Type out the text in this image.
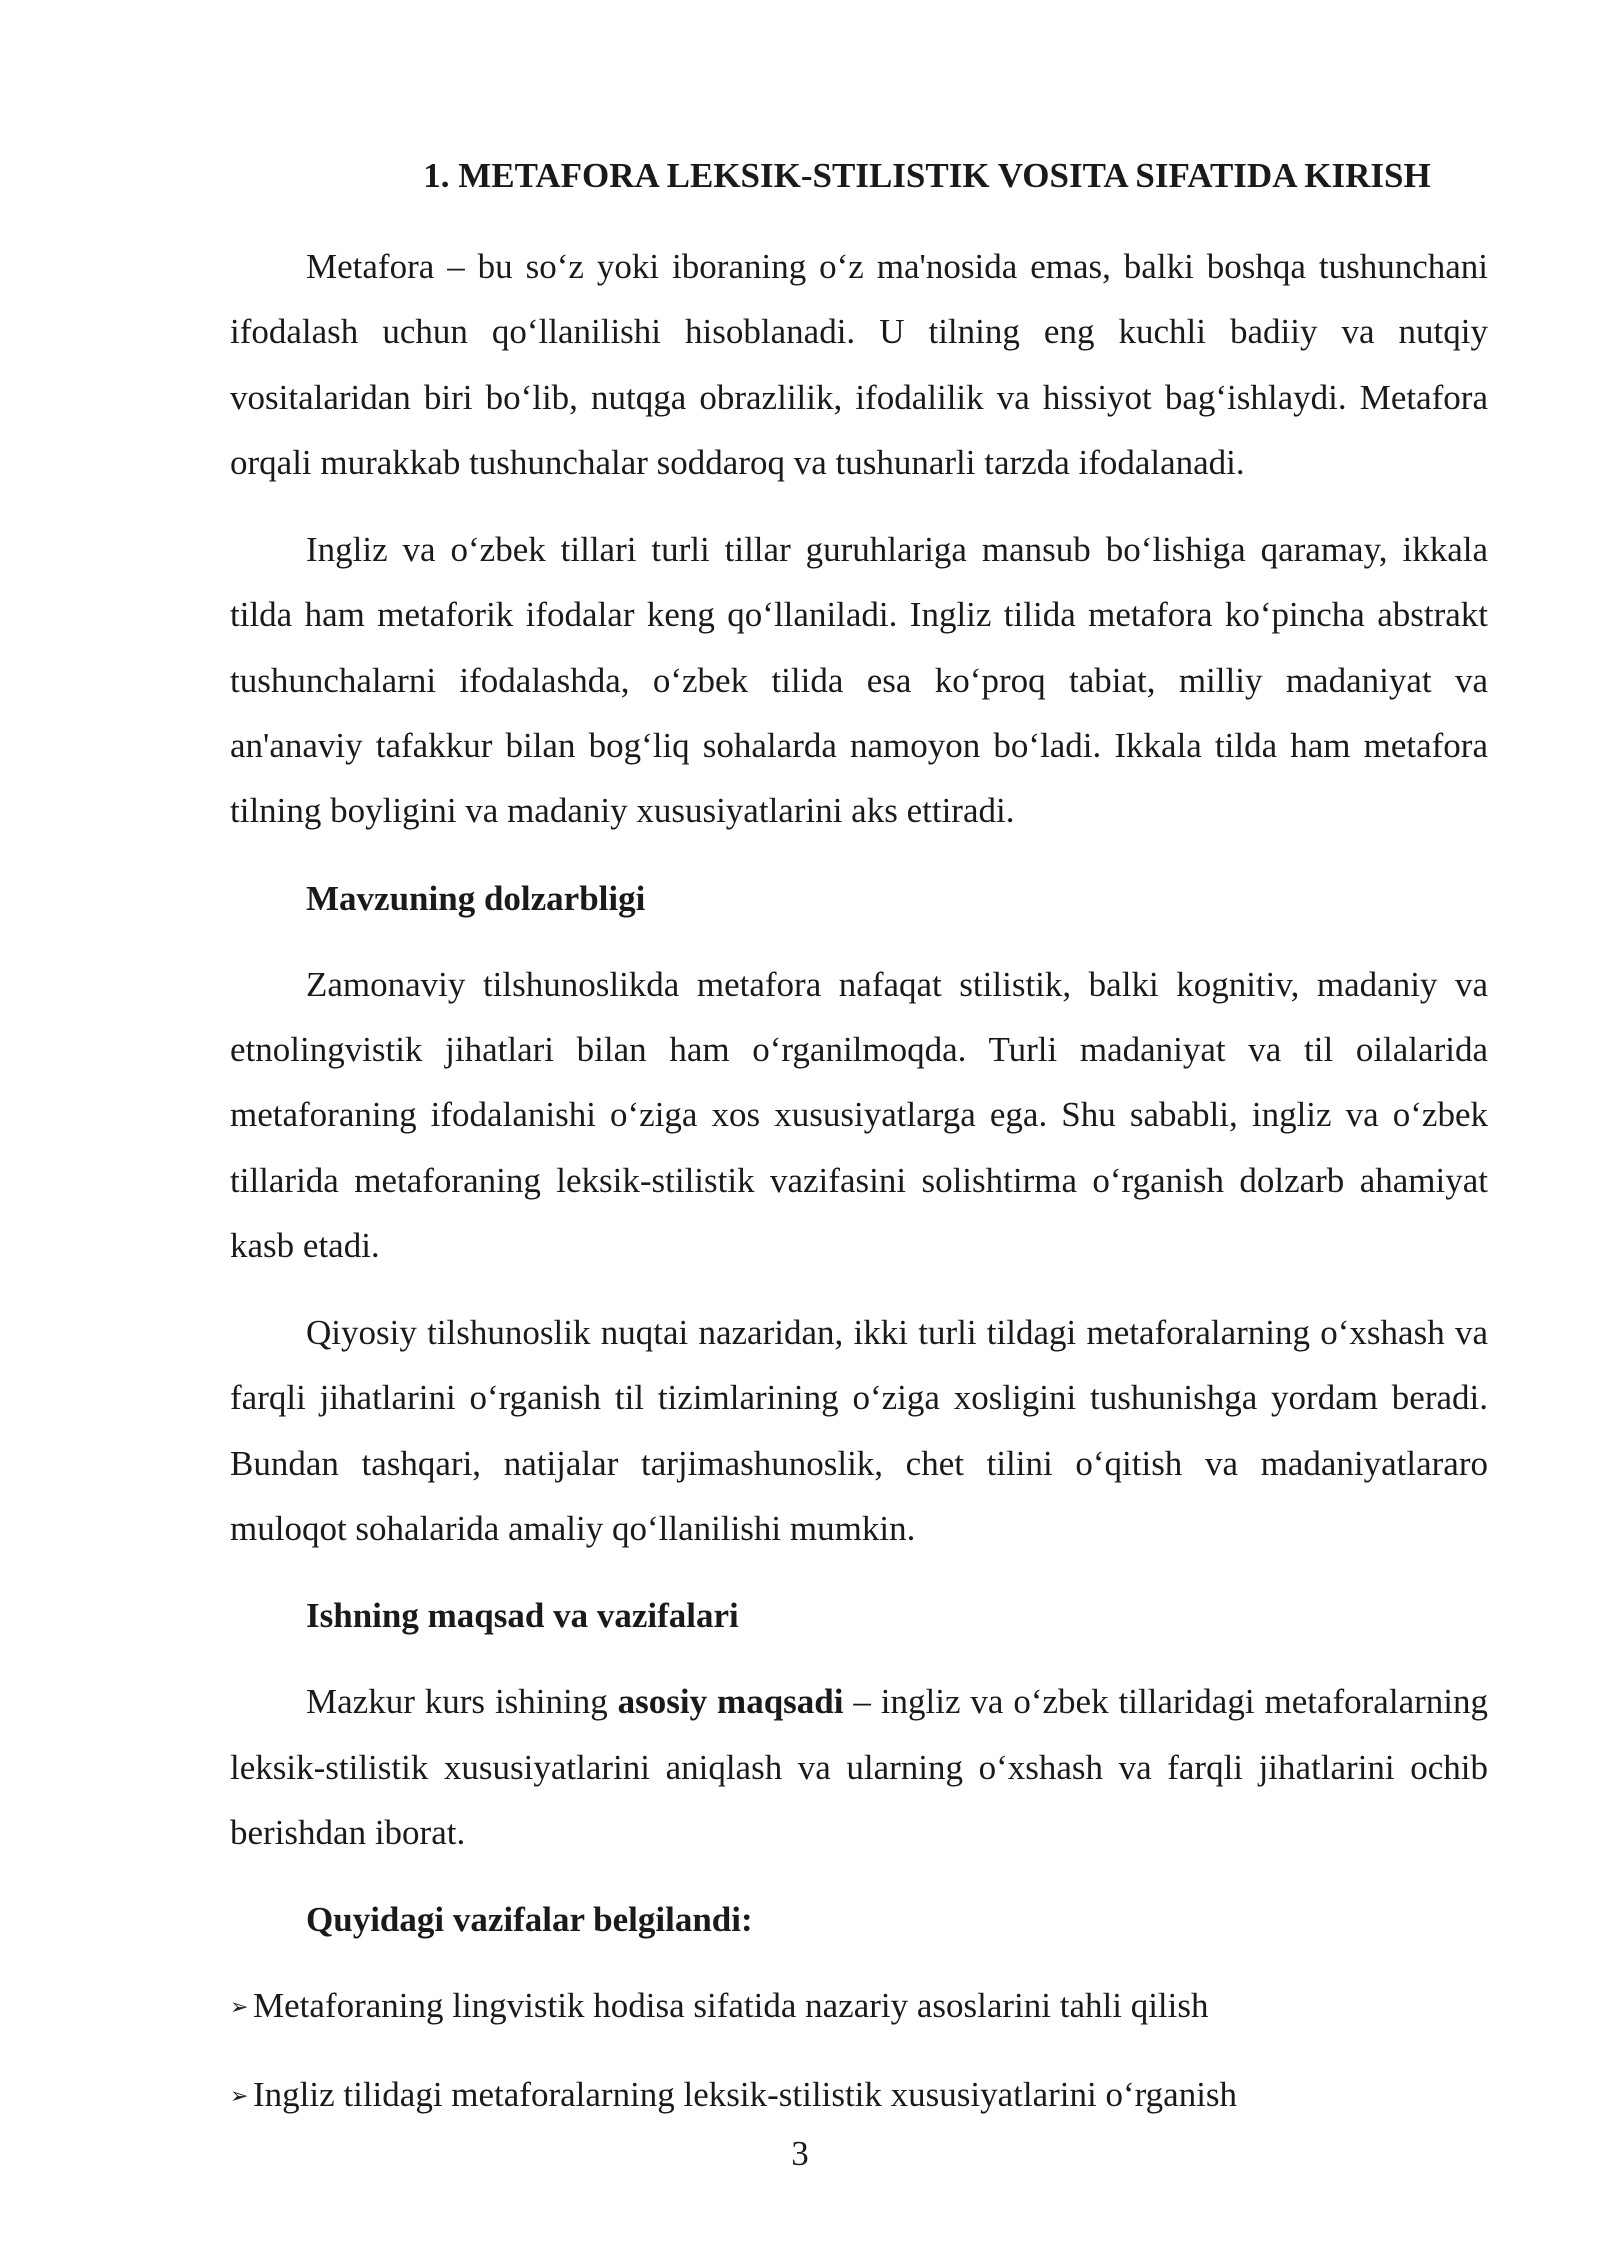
1. METAFORA LEKSIK-STILISTIK VOSITA SIFATIDA KIRISH

Metafora – bu so‘z yoki iboraning o‘z ma'nosida emas, balki boshqa tushunchani ifodalash uchun qo‘llanilishi hisoblanadi. U tilning eng kuchli badiiy va nutqiy vositalaridan biri bo‘lib, nutqga obrazlilik, ifodalilik va hissiyot bag‘ishlaydi. Metafora orqali murakkab tushunchalar soddaroq va tushunarli tarzda ifodalanadi.

Ingliz va o‘zbek tillari turli tillar guruhlariga mansub bo‘lishiga qaramay, ikkala tilda ham metaforik ifodalar keng qo‘llaniladi. Ingliz tilida metafora ko‘pincha abstrakt tushunchalarni ifodalashda, o‘zbek tilida esa ko‘proq tabiat, milliy madaniyat va an'anaviy tafakkur bilan bog‘liq sohalarda namoyon bo‘ladi. Ikkala tilda ham metafora tilning boyligini va madaniy xususiyatlarini aks ettiradi.

Mavzuning dolzarbligi

Zamonaviy tilshunoslikda metafora nafaqat stilistik, balki kognitiv, madaniy va etnolingvistik jihatlari bilan ham o‘rganilmoqda. Turli madaniyat va til oilalarida metaforaning ifodalanishi o‘ziga xos xususiyatlarga ega. Shu sababli, ingliz va o‘zbek tillarida metaforaning leksik-stilistik vazifasini solishtirma o‘rganish dolzarb ahamiyat kasb etadi.

Qiyosiy tilshunoslik nuqtai nazaridan, ikki turli tildagi metaforalarning o‘xshash va farqli jihatlarini o‘rganish til tizimlarining o‘ziga xosligini tushunishga yordam beradi. Bundan tashqari, natijalar tarjimashunoslik, chet tilini o‘qitish va madaniyatlararo muloqot sohalarida amaliy qo‘llanilishi mumkin.

Ishning maqsad va vazifalari

Mazkur kurs ishining asosiy maqsadi – ingliz va o‘zbek tillaridagi metaforalarning leksik-stilistik xususiyatlarini aniqlash va ularning o‘xshash va farqli jihatlarini ochib berishdan iborat.

Quyidagi vazifalar belgilandi:
➢ Metaforaning lingvistik hodisa sifatida nazariy asoslarini tahli qilish
➢ Ingliz tilidagi metaforalarning leksik-stilistik xususiyatlarini o‘rganish
3
